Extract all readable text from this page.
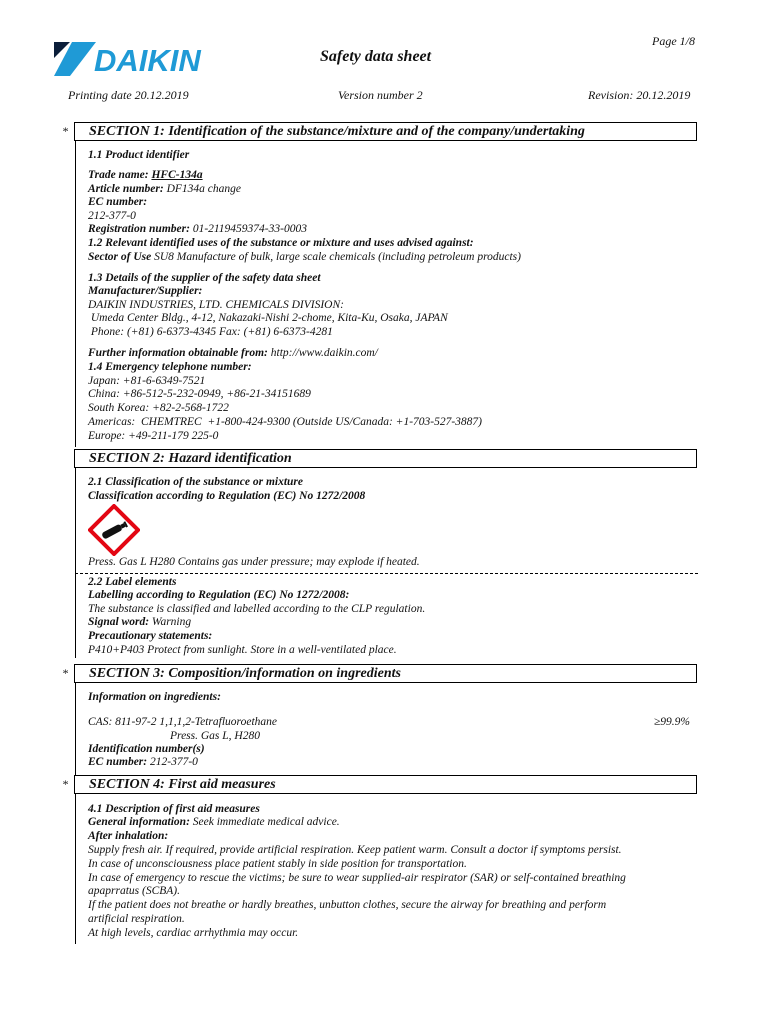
DAIKIN	Safety data sheet
Page 1/8
Printing date 20.12.2019	Version number 2	Revision: 20.12.2019
*	SECTION 1: Identification of the substance/mixture and of the company/undertaking
1.1 Product identifier
Trade name: HFC-134a
Article number: DF134a change
EC number:
212-377-0
Registration number: 01-2119459374-33-0003
1.2 Relevant identified uses of the substance or mixture and uses advised against:
Sector of Use SU8 Manufacture of bulk, large scale chemicals (including petroleum products)
1.3 Details of the supplier of the safety data sheet
Manufacturer/Supplier:
DAIKIN INDUSTRIES, LTD. CHEMICALS DIVISION:
Umeda Center Bldg., 4-12, Nakazaki-Nishi 2-chome, Kita-Ku, Osaka, JAPAN
Phone: (+81) 6-6373-4345 Fax: (+81) 6-6373-4281
Further information obtainable from: http://www.daikin.com/
1.4 Emergency telephone number:
Japan: +81-6-6349-7521
China: +86-512-5-232-0949, +86-21-34151689
South Korea: +82-2-568-1722
Americas:  CHEMTREC  +1-800-424-9300 (Outside US/Canada: +1-703-527-3887)
Europe: +49-211-179 225-0
SECTION 2: Hazard identification
2.1 Classification of the substance or mixture
Classification according to Regulation (EC) No 1272/2008
Press. Gas L H280 Contains gas under pressure; may explode if heated.
2.2 Label elements
Labelling according to Regulation (EC) No 1272/2008:
The substance is classified and labelled according to the CLP regulation.
Signal word: Warning
Precautionary statements:
P410+P403 Protect from sunlight. Store in a well-ventilated place.
*	SECTION 3: Composition/information on ingredients
Information on ingredients:
CAS: 811-97-2 1,1,1,2-Tetrafluoroethane	≥99.9%
Press. Gas L, H280
Identification number(s)
EC number: 212-377-0
*	SECTION 4: First aid measures
4.1 Description of first aid measures
General information: Seek immediate medical advice.
After inhalation:
Supply fresh air. If required, provide artificial respiration. Keep patient warm. Consult a doctor if symptoms persist.
In case of unconsciousness place patient stably in side position for transportation.
In case of emergency to rescue the victims; be sure to wear supplied-air respirator (SAR) or self-contained breathing
apaprratus (SCBA).
If the patient does not breathe or hardly breathes, unbutton clothes, secure the airway for breathing and perform
artificial respiration.
At high levels, cardiac arrhythmia may occur.
